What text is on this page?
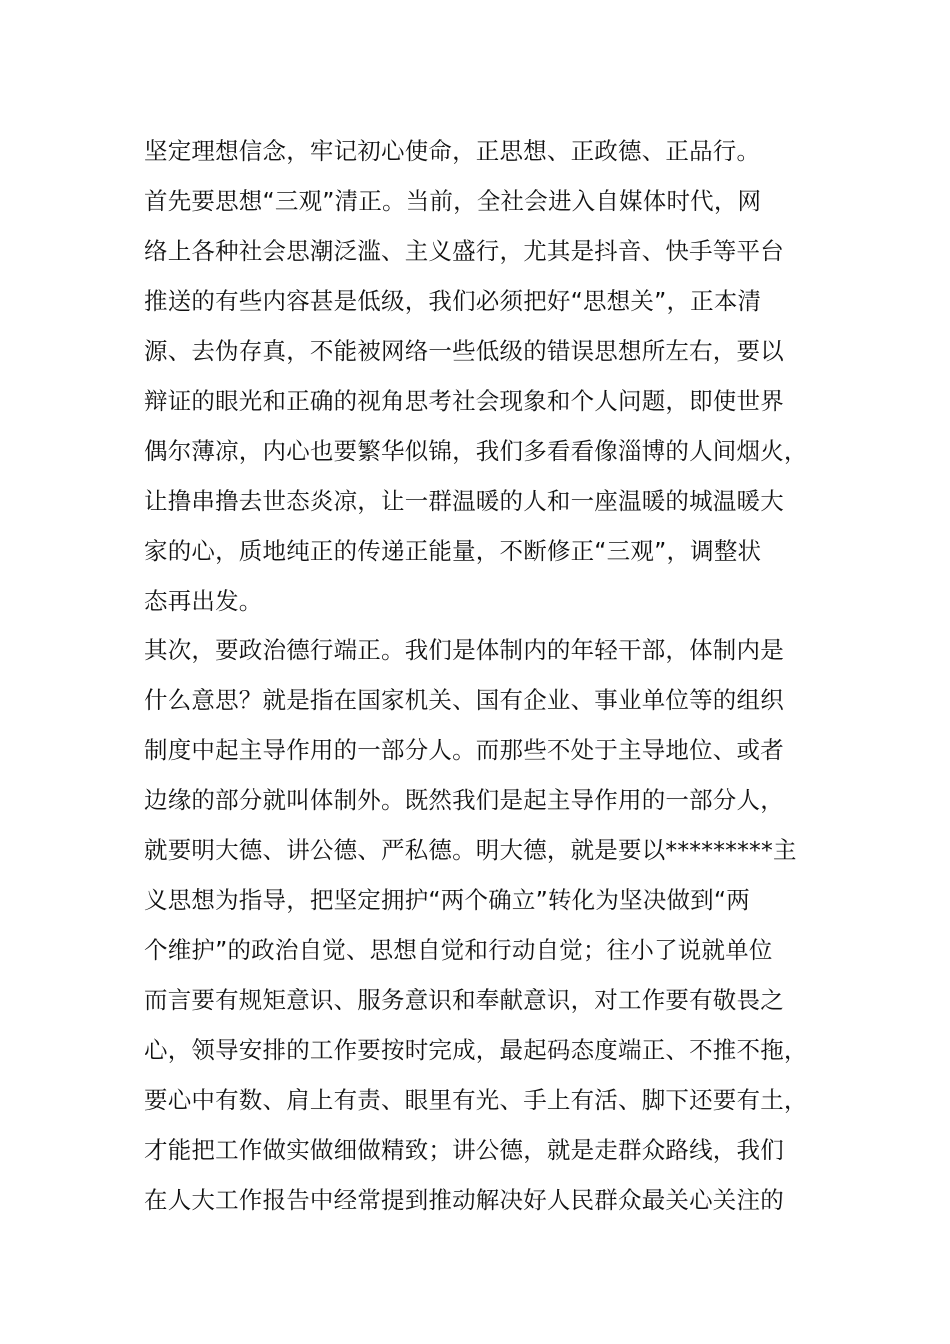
坚定理想信念，牢记初心使命，正思想、正政德、正品行。
首先要思想“三观”清正。当前，全社会进入自媒体时代，网
络上各种社会思潮泛滥、主义盛行，尤其是抖音、快手等平台
推送的有些内容甚是低级，我们必须把好“思想关”，正本清
源、去伪存真，不能被网络一些低级的错误思想所左右，要以
辩证的眼光和正确的视角思考社会现象和个人问题，即使世界
偶尔薄凉，内心也要繁华似锦，我们多看看像淄博的人间烟火，
让撸串撸去世态炎凉，让一群温暖的人和一座温暖的城温暖大
家的心，质地纯正的传递正能量，不断修正“三观”，调整状
态再出发。
其次，要政治德行端正。我们是体制内的年轻干部，体制内是
什么意思？就是指在国家机关、国有企业、事业单位等的组织
制度中起主导作用的一部分人。而那些不处于主导地位、或者
边缘的部分就叫体制外。既然我们是起主导作用的一部分人，
就要明大德、讲公德、严私德。明大德，就是要以*********主
义思想为指导，把坚定拥护“两个确立”转化为坚决做到“两
个维护”的政治自觉、思想自觉和行动自觉；往小了说就单位
而言要有规矩意识、服务意识和奉献意识，对工作要有敬畏之
心，领导安排的工作要按时完成，最起码态度端正、不推不拖，
要心中有数、肩上有责、眼里有光、手上有活、脚下还要有土，
才能把工作做实做细做精致；讲公德，就是走群众路线，我们
在人大工作报告中经常提到推动解决好人民群众最关心关注的
